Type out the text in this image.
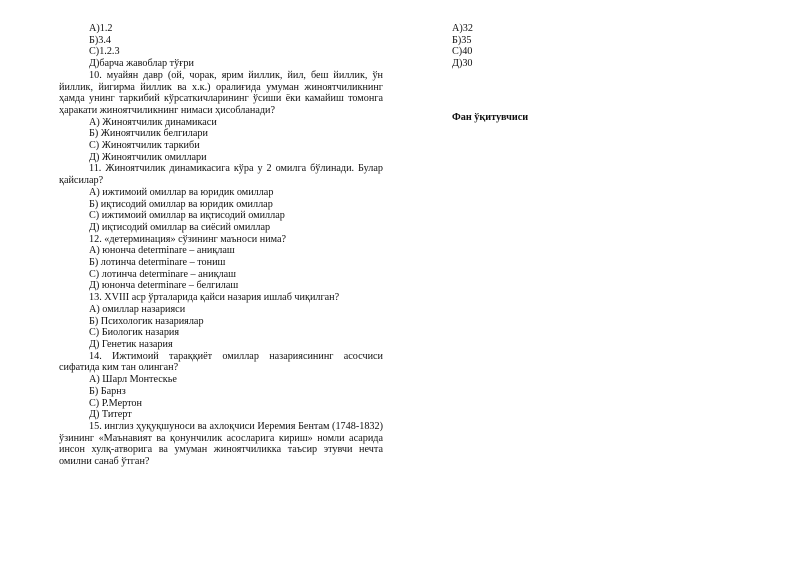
А)1.2
Б)3.4
С)1.2.3
Д)барча жавоблар тўғри
10. муайян давр (ой, чорак, ярим йиллик, йил, беш йиллик, ўн йиллик, йигирма йиллик ва х.к.) оралиғида умуман жиноятчиликнинг ҳамда унинг таркибий кўрсаткичларининг ўсиши ёки камайиш томонга ҳаракати жиноятчиликнинг нимаси ҳисобланади?
А) Жиноятчилик динамикаси
Б) Жиноятчилик белгилари
С) Жиноятчилик таркиби
Д) Жиноятчилик омиллари
11. Жиноятчилик динамикасига кўра у 2 омилга бўлинади. Булар қайсилар?
А) ижтимоий омиллар ва юридик омиллар
Б) иқтисодий омиллар ва юридик омиллар
С) ижтимоий омиллар ва иқтисодий омиллар
Д) иқтисодий омиллар ва сиёсий омиллар
12. «детерминация» сўзининг маъноси нима?
А) юнонча determinare – аниқлаш
Б) лотинча determinare – тониш
С) лотинча determinare – аниқлаш
Д) юнонча determinare – белгилаш
13. XVIII аср ўрталарида қайси назария ишлаб чиқилган?
А) омиллар назарияси
Б) Психологик назариялар
С) Биологик назария
Д) Генетик назария
14. Ижтимоий тараққиёт омиллар назариясининг асосчиси сифатида ким тан олинган?
А) Шарл Монтескье
Б) Барнз
С) Р.Мертон
Д) Титерт
15. инглиз ҳуқуқшуноси ва ахлоқчиси Иеремия Бентам (1748-1832) ўзининг «Маънавият ва қонунчилик асосларига кириш» номли асарида инсон хулқ-атворига ва умуман жиноятчиликка таъсир этувчи нечта омилни санаб ўтган?
А)32
Б)35
С)40
Д)30
Фан ўқитувчиси
